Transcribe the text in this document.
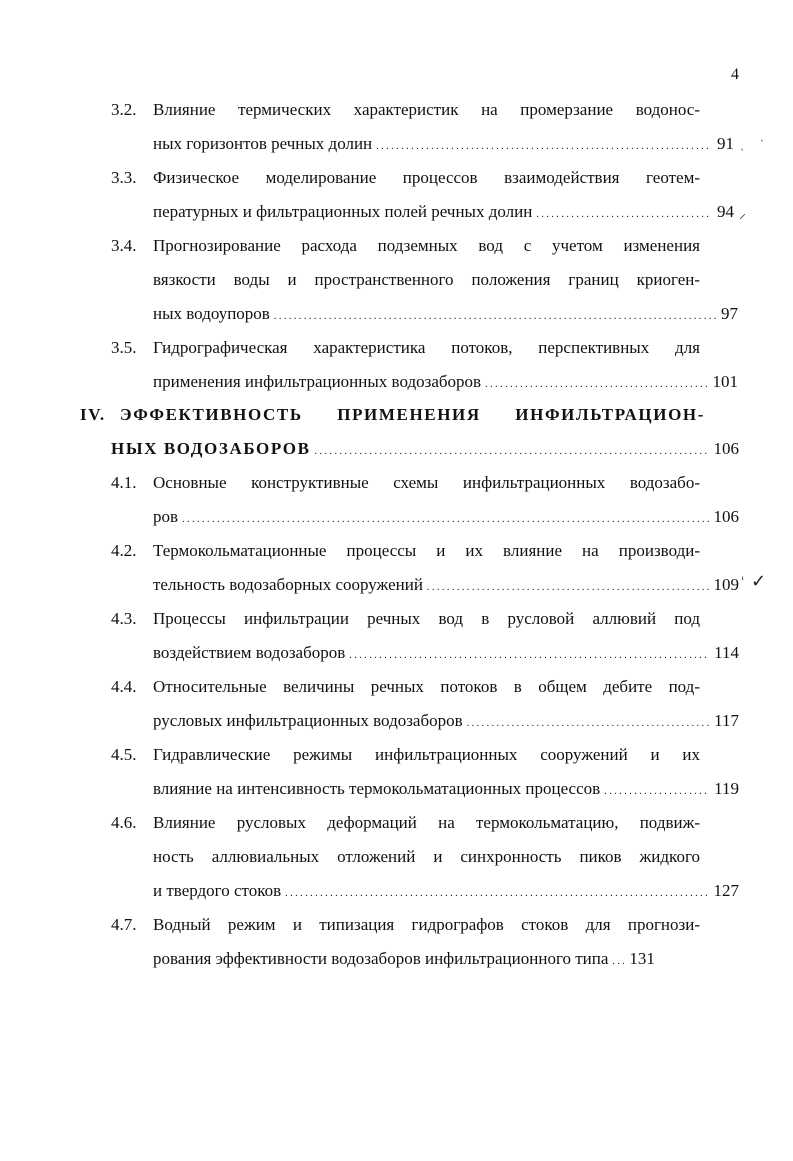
4
3.2. Влияние термических характеристик на промерзание водонос-
ных горизонтов речных долин . . .	91
3.3. Физическое моделирование процессов взаимодействия геотем-
пературных и фильтрационных полей речных долин . . .	94
3.4. Прогнозирование расхода подземных вод с учетом изменения
вязкости воды и пространственного положения границ криоген-
ных водоупоров . . .	97
3.5. Гидрографическая характеристика потоков, перспективных для
применения инфильтрационных водозаборов . . .	101
IV. ЭФФЕКТИВНОСТЬ ПРИМЕНЕНИЯ ИНФИЛЬТРАЦИОН-
НЫХ ВОДОЗАБОРОВ . . .	106
4.1. Основные конструктивные схемы инфильтрационных водозабо-
ров . . .	106
4.2. Термокольматационные процессы и их влияние на производи-
тельность водозаборных сооружений . . .	109
4.3. Процессы инфильтрации речных вод в русловой аллювий под
воздействием водозаборов . . .	114
4.4. Относительные величины речных потоков в общем дебите под-
русловых инфильтрационных водозаборов . . .	117
4.5. Гидравлические режимы инфильтрационных сооружений и их
влияние на интенсивность термокольматационных процессов . . .	119
4.6. Влияние русловых деформаций на термокольматацию, подвиж-
ность аллювиальных отложений и синхронность пиков жидкого
и твердого стоков . . .	127
4.7. Водный режим и типизация гидрографов стоков для прогнози-
рования эффективности водозаборов инфильтрационного типа . . . 131
ˎ
ˎ
⸝
ˈ ✓
